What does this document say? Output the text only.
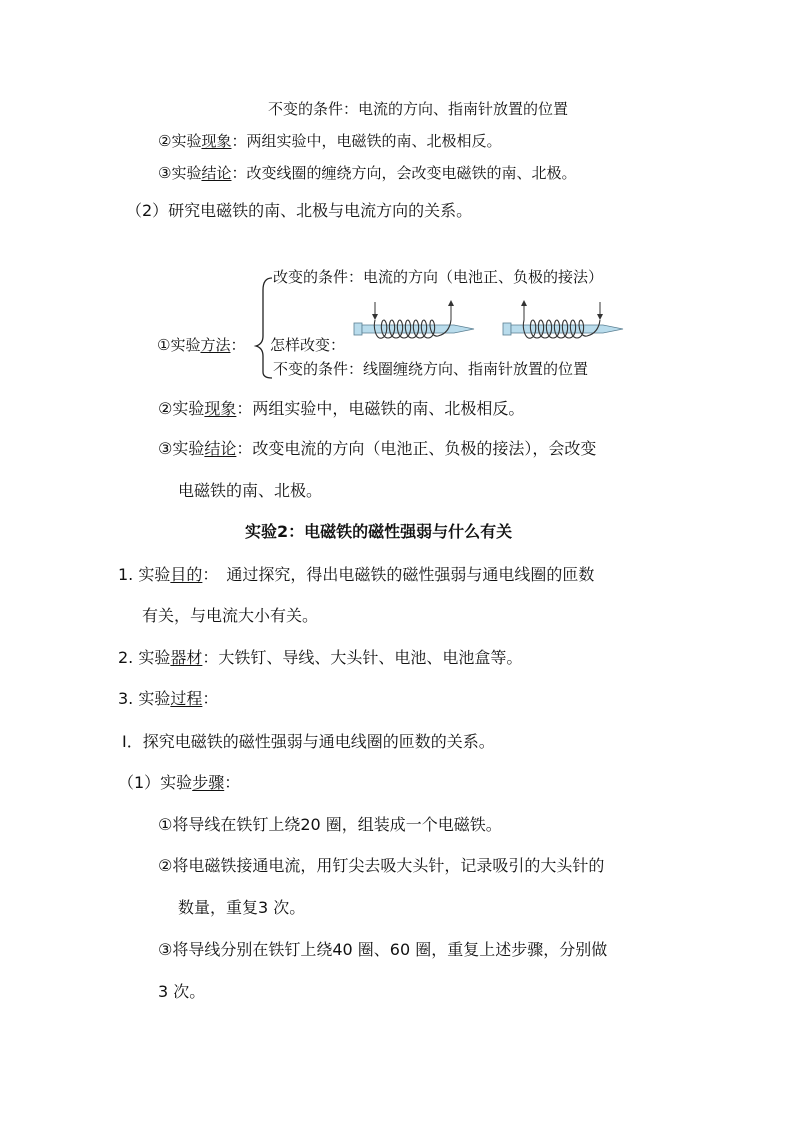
不变的条件：电流的方向、指南针放置的位置
②实验现象：两组实验中，电磁铁的南、北极相反。
③实验结论：改变线圈的缠绕方向，会改变电磁铁的南、北极。
（2）研究电磁铁的南、北极与电流方向的关系。
改变的条件：电流的方向（电池正、负极的接法）
①实验方法： 怎样改变：
不变的条件：线圈缠绕方向、指南针放置的位置
②实验现象：两组实验中，电磁铁的南、北极相反。
③实验结论：改变电流的方向（电池正、负极的接法），会改变
电磁铁的南、北极。
实验2：电磁铁的磁性强弱与什么有关
1. 实验目的：　通过探究，得出电磁铁的磁性强弱与通电线圈的匝数
有关，与电流大小有关。
2. 实验器材：大铁钉、导线、大头针、电池、电池盒等。
3. 实验过程：
Ⅰ．探究电磁铁的磁性强弱与通电线圈的匝数的关系。
（1）实验步骤：
①将导线在铁钉上绕20 圈，组装成一个电磁铁。
②将电磁铁接通电流，用钉尖去吸大头针，记录吸引的大头针的
数量，重复3 次。
③将导线分别在铁钉上绕40 圈、60 圈，重复上述步骤，分别做
3 次。
